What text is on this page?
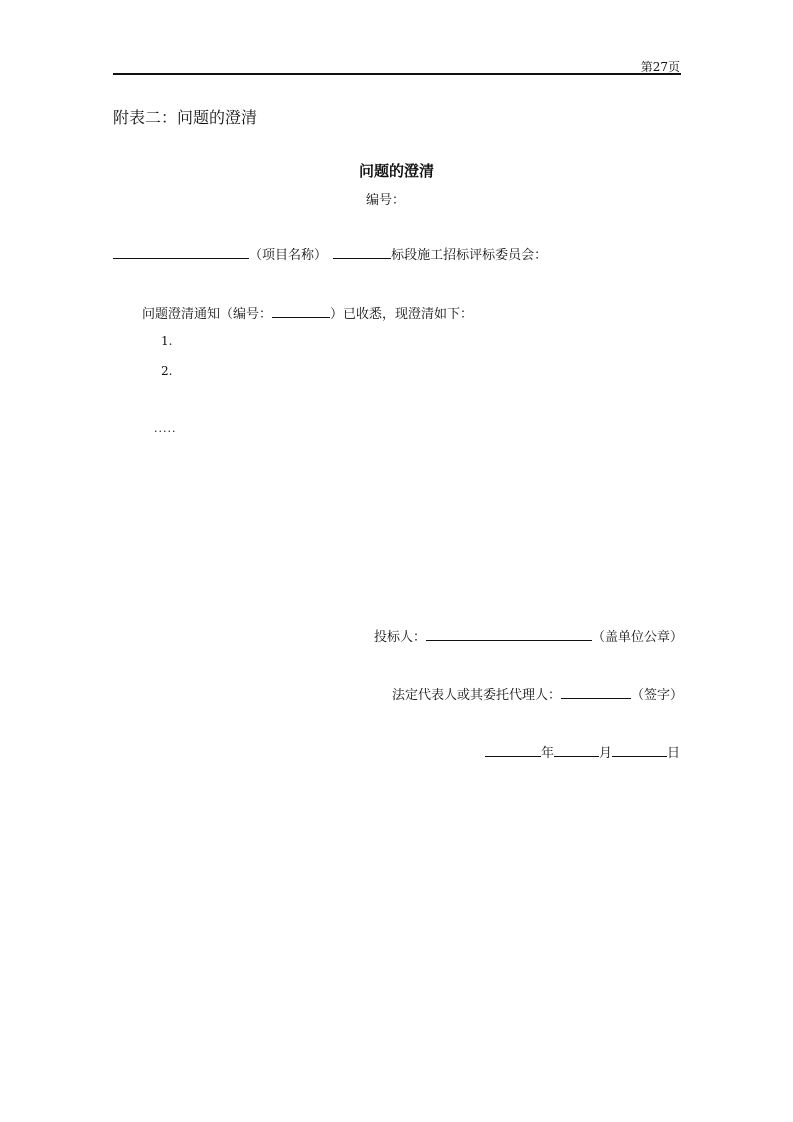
第27页
附表二：问题的澄清
问题的澄清
编号：
（项目名称）	标段施工招标评标委员会：
问题澄清通知（编号：	）已收悉，现澄清如下：
1.
2.
.....
投标人：	（盖单位公章）
法定代表人或其委托代理人：	（签字）
年	月	日
